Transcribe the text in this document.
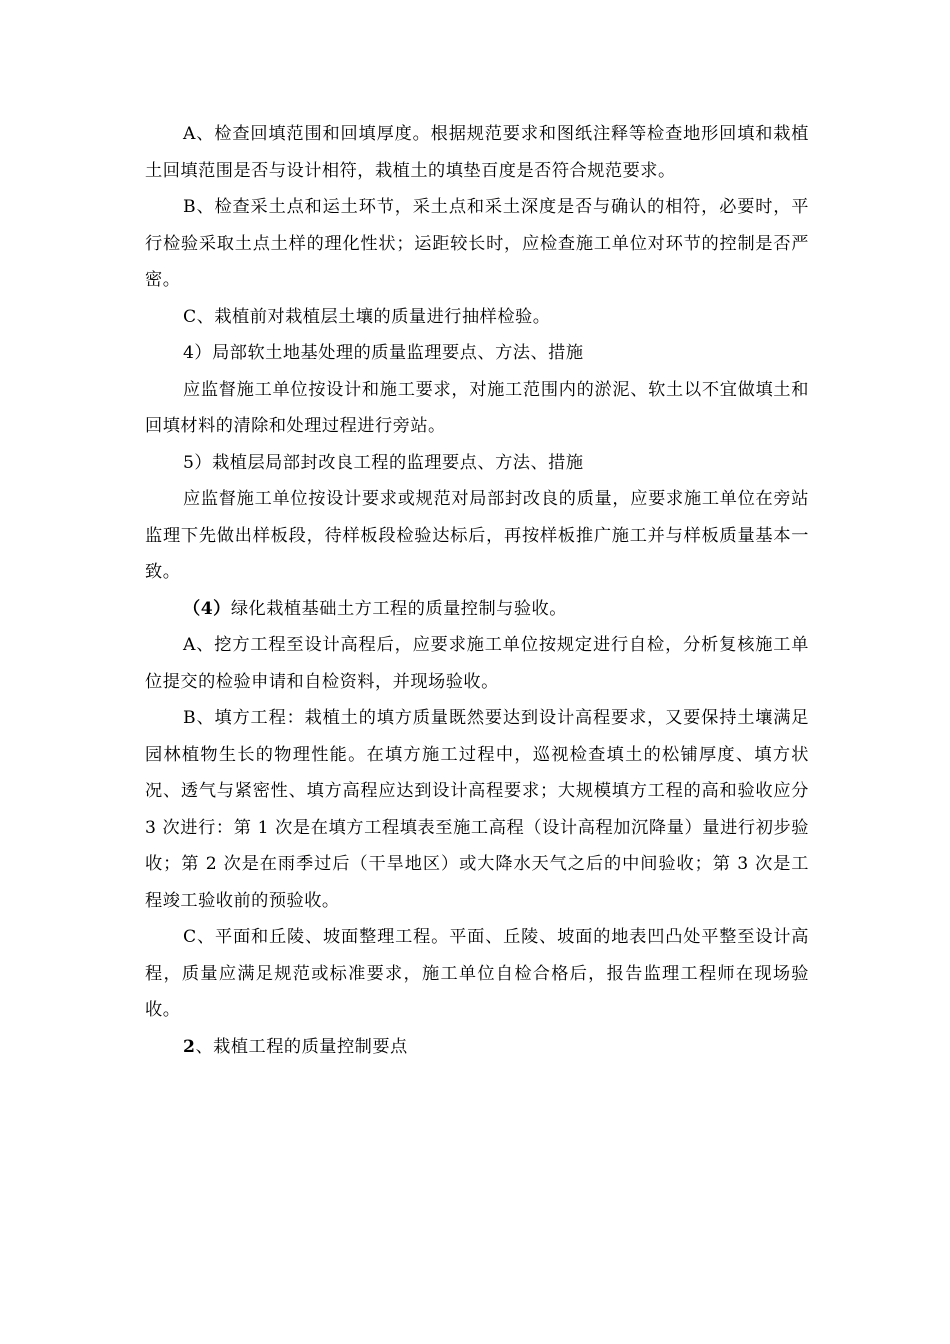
A、检查回填范围和回填厚度。根据规范要求和图纸注释等检查地形回填和栽植土回填范围是否与设计相符，栽植土的填垫百度是否符合规范要求。

B、检查采土点和运土环节，采土点和采土深度是否与确认的相符，必要时，平行检验采取土点土样的理化性状；运距较长时，应检查施工单位对环节的控制是否严密。

C、栽植前对栽植层土壤的质量进行抽样检验。

4）局部软土地基处理的质量监理要点、方法、措施

应监督施工单位按设计和施工要求，对施工范围内的淤泥、软土以不宜做填土和回填材料的清除和处理过程进行旁站。

5）栽植层局部封改良工程的监理要点、方法、措施

应监督施工单位按设计要求或规范对局部封改良的质量，应要求施工单位在旁站监理下先做出样板段，待样板段检验达标后，再按样板推广施工并与样板质量基本一致。

（4）绿化栽植基础土方工程的质量控制与验收。

A、挖方工程至设计高程后，应要求施工单位按规定进行自检，分析复核施工单位提交的检验申请和自检资料，并现场验收。

B、填方工程：栽植土的填方质量既然要达到设计高程要求，又要保持土壤满足园林植物生长的物理性能。在填方施工过程中，巡视检查填土的松铺厚度、填方状况、透气与紧密性、填方高程应达到设计高程要求；大规模填方工程的高和验收应分 3 次进行：第 1 次是在填方工程填表至施工高程（设计高程加沉降量）量进行初步验收；第 2 次是在雨季过后（干旱地区）或大降水天气之后的中间验收；第 3 次是工程竣工验收前的预验收。

C、平面和丘陵、坡面整理工程。平面、丘陵、坡面的地表凹凸处平整至设计高程，质量应满足规范或标准要求，施工单位自检合格后，报告监理工程师在现场验收。

2、栽植工程的质量控制要点
